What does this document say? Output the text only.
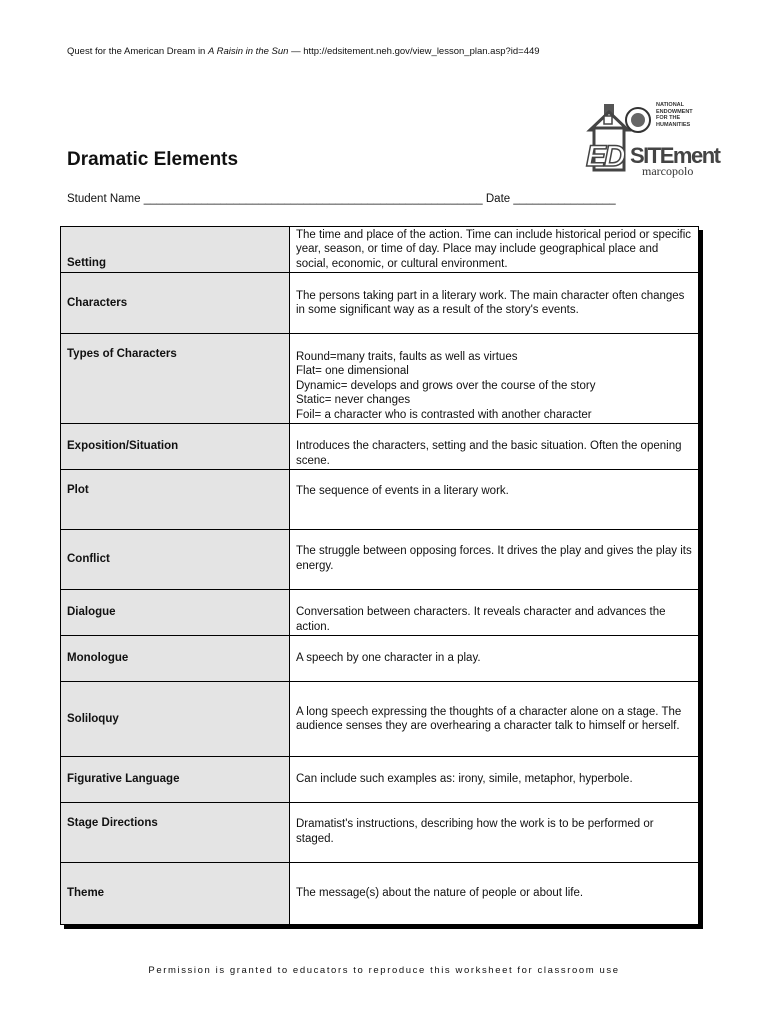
Quest for the American Dream in A Raisin in the Sun — http://edsitement.neh.gov/view_lesson_plan.asp?id=449
NATIONAL ENDOWMENT FOR THE HUMANITIES
ED SITEment
marcopolo
Dramatic Elements
Student Name _____________________________________________________ Date ________________
Setting	The time and place of the action. Time can include historical period or specific year, season, or time of day. Place may include geographical place and social, economic, or cultural environment.
Characters	The persons taking part in a literary work. The main character often changes in some significant way as a result of the story's events.
Types of Characters	Round=many traits, faults as well as virtues
Flat= one dimensional
Dynamic= develops and grows over the course of the story
Static= never changes
Foil= a character who is contrasted with another character
Exposition/Situation	Introduces the characters, setting and the basic situation. Often the opening scene.
Plot	The sequence of events in a literary work.
Conflict	The struggle between opposing forces. It drives the play and gives the play its energy.
Dialogue	Conversation between characters. It reveals character and advances the action.
Monologue	A speech by one character in a play.
Soliloquy	A long speech expressing the thoughts of a character alone on a stage. The audience senses they are overhearing a character talk to himself or herself.
Figurative Language	Can include such examples as: irony, simile, metaphor, hyperbole.
Stage Directions	Dramatist's instructions, describing how the work is to be performed or staged.
Theme	The message(s) about the nature of people or about life.
Permission is granted to educators to reproduce this worksheet for classroom use
